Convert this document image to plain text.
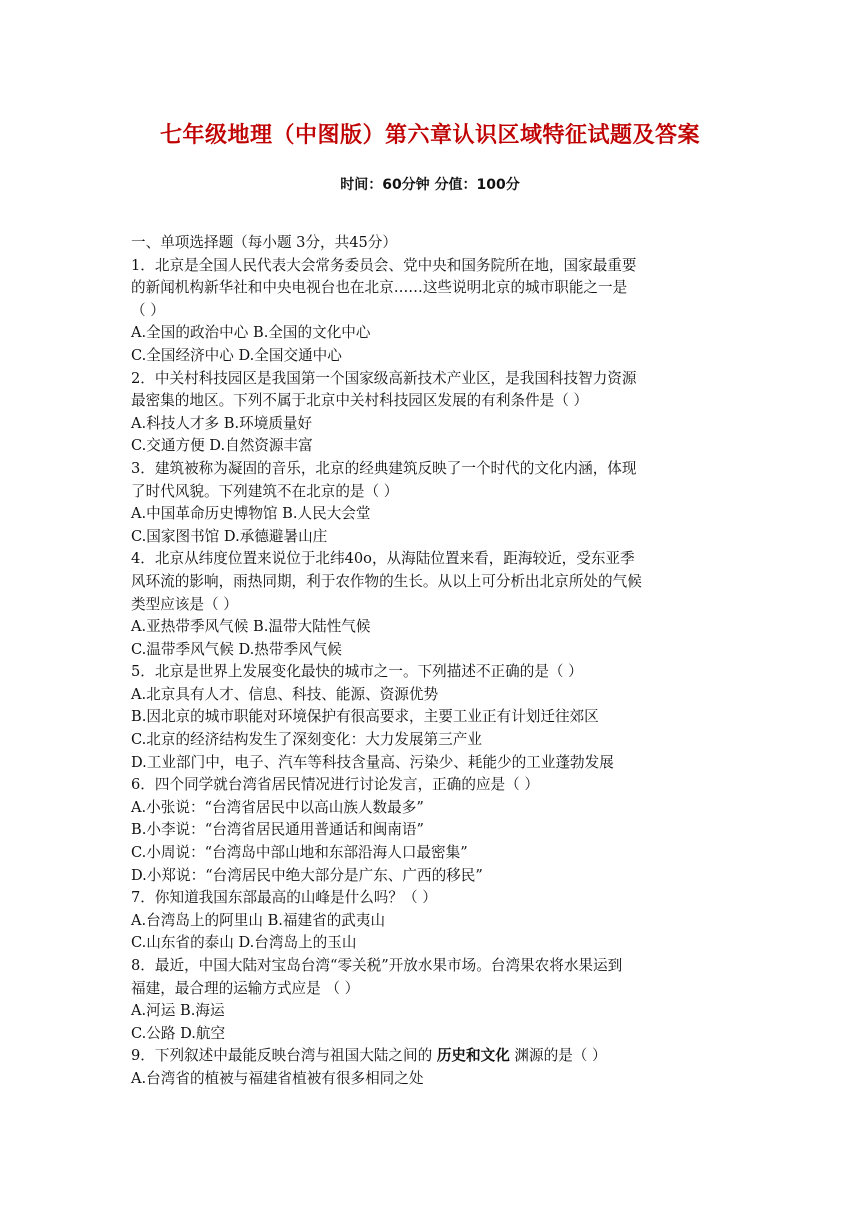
七年级地理（中图版）第六章认识区域特征试题及答案
时间：60分钟 分值：100分
一、单项选择题（每小题 3分，共45分）
1．北京是全国人民代表大会常务委员会、党中央和国务院所在地，国家最重要
的新闻机构新华社和中央电视台也在北京……这些说明北京的城市职能之一是
（ ）
A.全国的政治中心 B.全国的文化中心
C.全国经济中心 D.全国交通中心
2．中关村科技园区是我国第一个国家级高新技术产业区，是我国科技智力资源
最密集的地区。下列不属于北京中关村科技园区发展的有利条件是（ ）
A.科技人才多 B.环境质量好
C.交通方便 D.自然资源丰富
3．建筑被称为凝固的音乐，北京的经典建筑反映了一个时代的文化内涵，体现
了时代风貌。下列建筑不在北京的是（ ）
A.中国革命历史博物馆 B.人民大会堂
C.国家图书馆 D.承德避暑山庄
4．北京从纬度位置来说位于北纬40o，从海陆位置来看，距海较近，受东亚季
风环流的影响，雨热同期，利于农作物的生长。从以上可分析出北京所处的气候
类型应该是（ ）
A.亚热带季风气候 B.温带大陆性气候
C.温带季风气候 D.热带季风气候
5．北京是世界上发展变化最快的城市之一。下列描述不正确的是（ ）
A.北京具有人才、信息、科技、能源、资源优势
B.因北京的城市职能对环境保护有很高要求，主要工业正有计划迁往郊区
C.北京的经济结构发生了深刻变化：大力发展第三产业
D.工业部门中，电子、汽车等科技含量高、污染少、耗能少的工业蓬勃发展
6．四个同学就台湾省居民情况进行讨论发言，正确的应是（ ）
A.小张说：“台湾省居民中以高山族人数最多”
B.小李说：“台湾省居民通用普通话和闽南语”
C.小周说：“台湾岛中部山地和东部沿海人口最密集”
D.小郑说：“台湾居民中绝大部分是广东、广西的移民”
7．你知道我国东部最高的山峰是什么吗？（ ）
A.台湾岛上的阿里山 B.福建省的武夷山
C.山东省的泰山 D.台湾岛上的玉山
8．最近，中国大陆对宝岛台湾“零关税”开放水果市场。台湾果农将水果运到
福建，最合理的运输方式应是 （ ）
A.河运 B.海运
C.公路 D.航空
9．下列叙述中最能反映台湾与祖国大陆之间的 历史和文化 渊源的是（ ）
A.台湾省的植被与福建省植被有很多相同之处
